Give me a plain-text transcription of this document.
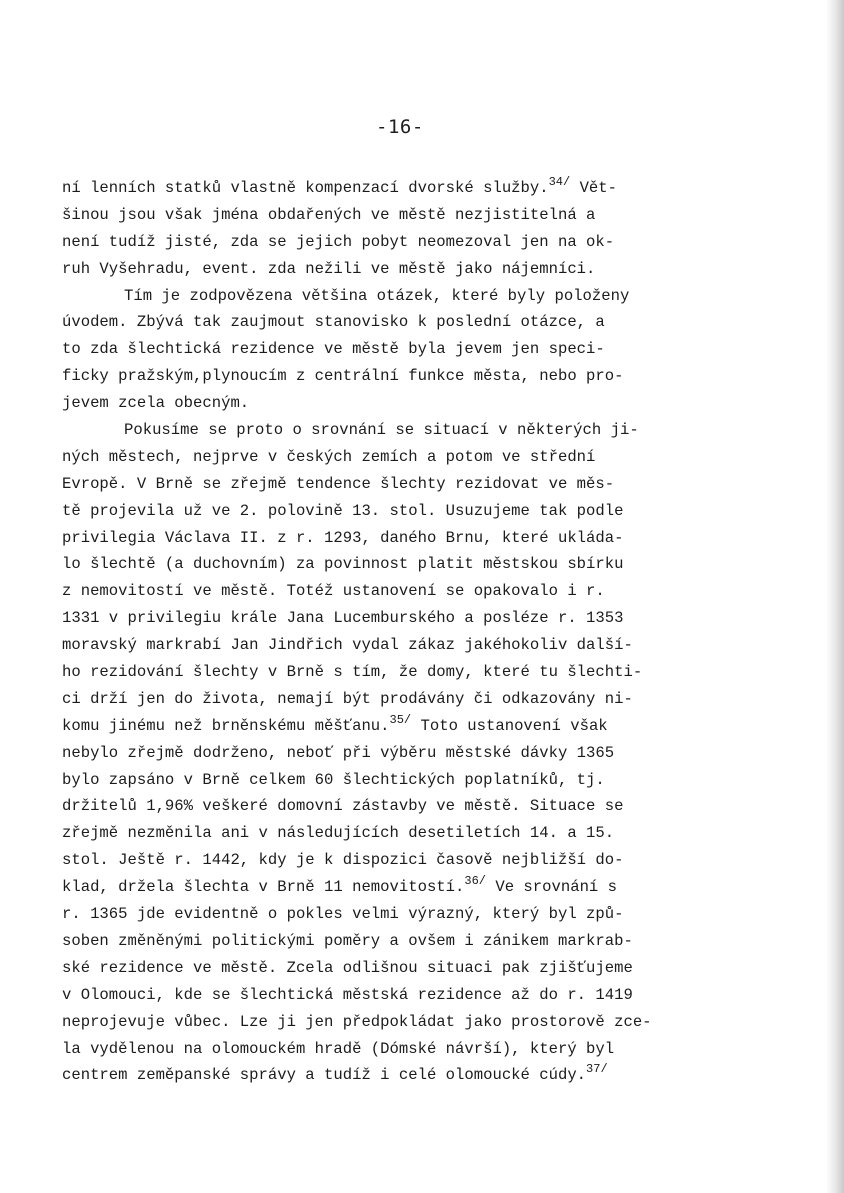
-16-
ní lenních statků vlastně kompenzací dvorské služby.$^{34/}$ Vět-
šinou jsou však jména obdařených ve městě nezjistitelná a
není tudíž jisté, zda se jejich pobyt neomezoval jen na ok-
ruh Vyšehradu, event. zda nežili ve městě jako nájemníci.
Tím je zodpovězena většina otázek, které byly položeny
úvodem. Zbývá tak zaujmout stanovisko k poslední otázce, a
to zda šlechtická rezidence ve městě byla jevem jen speci-
ficky pražským,plynoucím z centrální funkce města, nebo pro-
jevem zcela obecným.
Pokusíme se proto o srovnání se situací v některých ji-
ných městech, nejprve v českých zemích a potom ve střední
Evropě. V Brně se zřejmě tendence šlechty rezidovat ve měs-
tě projevila už ve 2. polovině 13. stol. Usuzujeme tak podle
privilegia Václava II. z r. 1293, daného Brnu, které ukláda-
lo šlechtě (a duchovním) za povinnost platit městskou sbírku
z nemovitostí ve městě. Totéž ustanovení se opakovalo i r.
1331 v privilegiu krále Jana Lucemburského a posléze r. 1353
moravský markrabí Jan Jindřich vydal zákaz jakéhokoliv další-
ho rezidování šlechty v Brně s tím, že domy, které tu šlechti-
ci drží jen do života, nemají být prodávány či odkazovány ni-
komu jinému než brněnskému měšťanu.$^{35/}$ Toto ustanovení však
nebylo zřejmě dodrženo, neboť při výběru městské dávky 1365
bylo zapsáno v Brně celkem 60 šlechtických poplatníků, tj.
držitelů 1,96% veškeré domovní zástavby ve městě. Situace se
zřejmě nezměnila ani v následujících desetiletích 14. a 15.
stol. Ještě r. 1442, kdy je k dispozici časově nejbližší do-
klad, držela šlechta v Brně 11 nemovitostí.$^{36/}$ Ve srovnání s
r. 1365 jde evidentně o pokles velmi výrazný, který byl způ-
soben změněnými politickými poměry a ovšem i zánikem markrab-
ské rezidence ve městě. Zcela odlišnou situaci pak zjišťujeme
v Olomouci, kde se šlechtická městská rezidence až do r. 1419
neprojevuje vůbec. Lze ji jen předpokládat jako prostorově zce-
la vydělenou na olomouckém hradě (Dómské návrší), který byl
centrem zeměpanské správy a tudíž i celé olomoucké cúdy.$^{37/}$
